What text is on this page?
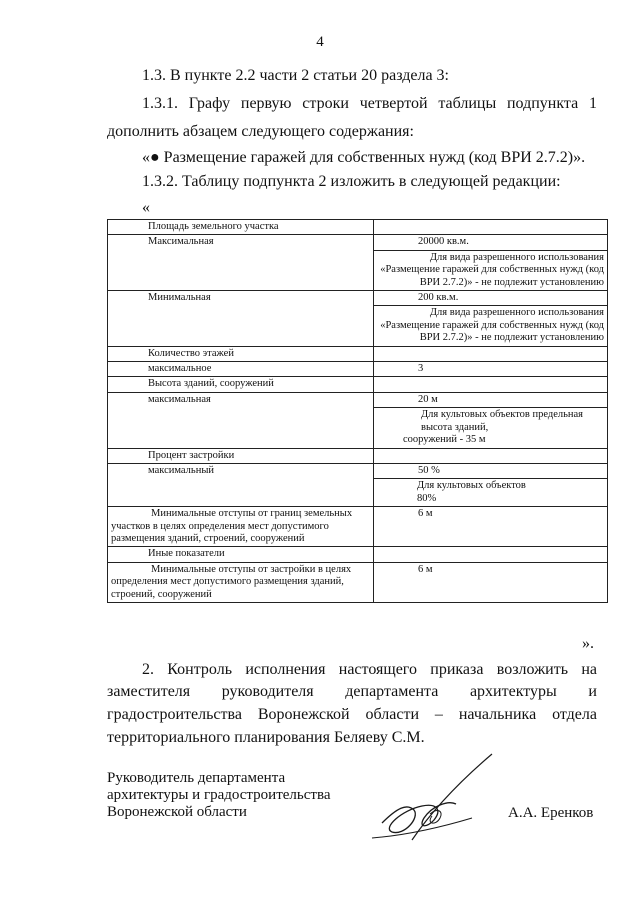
4

1.3. В пункте 2.2 части 2 статьи 20 раздела 3:

1.3.1. Графу первую строки четвертой таблицы подпункта 1

дополнить абзацем следующего содержания:

«● Размещение гаражей для собственных нужд (код ВРИ 2.7.2)».

1.3.2. Таблицу подпункта 2 изложить в следующей редакции:

«

Площадь земельного участка	
Максимальная	20000 кв.м.
	Для вида разрешенного использования «Размещение гаражей для собственных нужд (код ВРИ 2.7.2)» - не подлежит установлению
Минимальная	200 кв.м.
	Для вида разрешенного использования «Размещение гаражей для собственных нужд (код ВРИ 2.7.2)» - не подлежит установлению
Количество этажей	
максимальное	3
Высота зданий, сооружений	
максимальная	20 м

	Для культовых объектов предельная высота зданий,
сооружений - 35 м

Процент застройки	
максимальный	50 %

	Для культовых объектов
80%

Минимальные отступы от границ земельных участков в целях определения мест допустимого размещения зданий, строений, сооружений	6 м
Иные показатели	
Минимальные отступы от застройки в целях определения мест допустимого размещения зданий, строений, сооружений	6 м

».

2. Контроль исполнения настоящего приказа возложить на

заместителя руководителя департамента архитектуры и

градостроительства Воронежской области – начальника отдела

территориального планирования Беляеву С.М.

Руководитель департамента
архитектуры и градостроительства
Воронежской области	А.А. Еренков
